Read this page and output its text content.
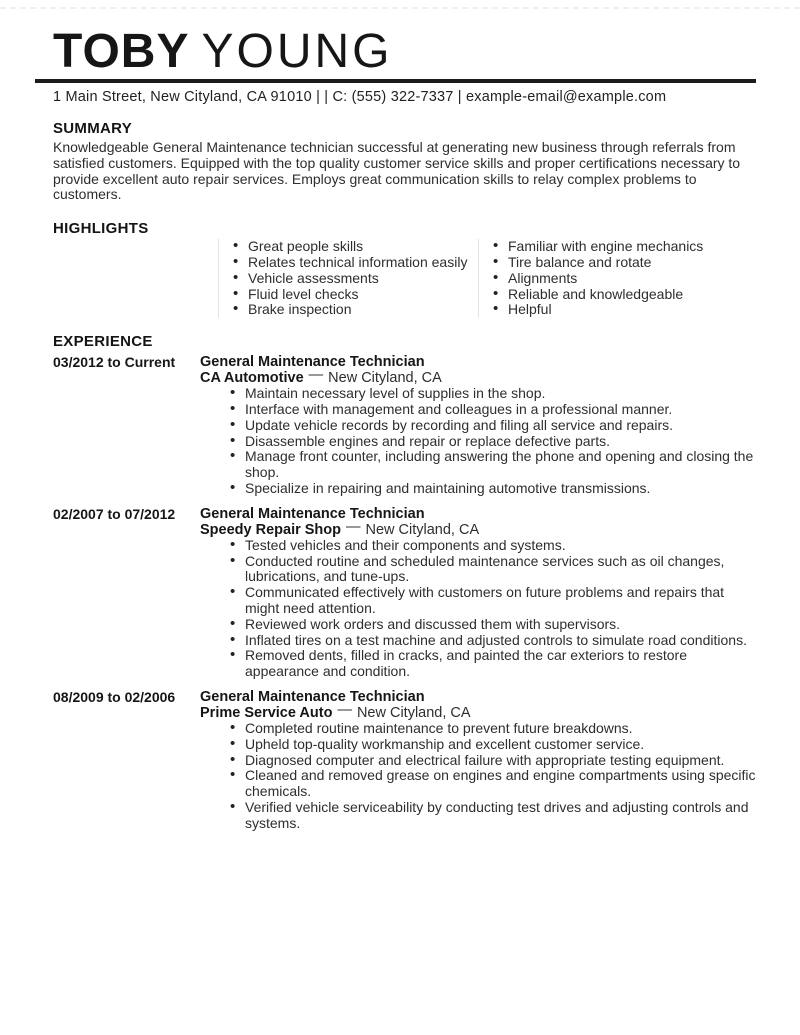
TOBY YOUNG
1 Main Street, New Cityland, CA 91010 | | C: (555) 322-7337 | example-email@example.com
SUMMARY

Knowledgeable General Maintenance technician successful at generating new business through referrals from satisfied customers. Equipped with the top quality customer service skills and proper certifications necessary to provide excellent auto repair services. Employs great communication skills to relay complex problems to customers.

HIGHLIGHTS
• Great people skills
• Relates technical information easily
• Vehicle assessments
• Fluid level checks
• Brake inspection
• Familiar with engine mechanics
• Tire balance and rotate
• Alignments
• Reliable and knowledgeable
• Helpful
EXPERIENCE
03/2012 to Current	General Maintenance Technician
CA Automotive — New Cityland, CA
• Maintain necessary level of supplies in the shop.
• Interface with management and colleagues in a professional manner.
• Update vehicle records by recording and filing all service and repairs.
• Disassemble engines and repair or replace defective parts.
• Manage front counter, including answering the phone and opening and closing the shop.
• Specialize in repairing and maintaining automotive transmissions.
02/2007 to 07/2012	General Maintenance Technician
Speedy Repair Shop — New Cityland, CA
• Tested vehicles and their components and systems.
• Conducted routine and scheduled maintenance services such as oil changes, lubrications, and tune-ups.
• Communicated effectively with customers on future problems and repairs that might need attention.
• Reviewed work orders and discussed them with supervisors.
• Inflated tires on a test machine and adjusted controls to simulate road conditions.
• Removed dents, filled in cracks, and painted the car exteriors to restore appearance and condition.
08/2009 to 02/2006	General Maintenance Technician
Prime Service Auto — New Cityland, CA
• Completed routine maintenance to prevent future breakdowns.
• Upheld top-quality workmanship and excellent customer service.
• Diagnosed computer and electrical failure with appropriate testing equipment.
• Cleaned and removed grease on engines and engine compartments using specific chemicals.
• Verified vehicle serviceability by conducting test drives and adjusting controls and systems.
